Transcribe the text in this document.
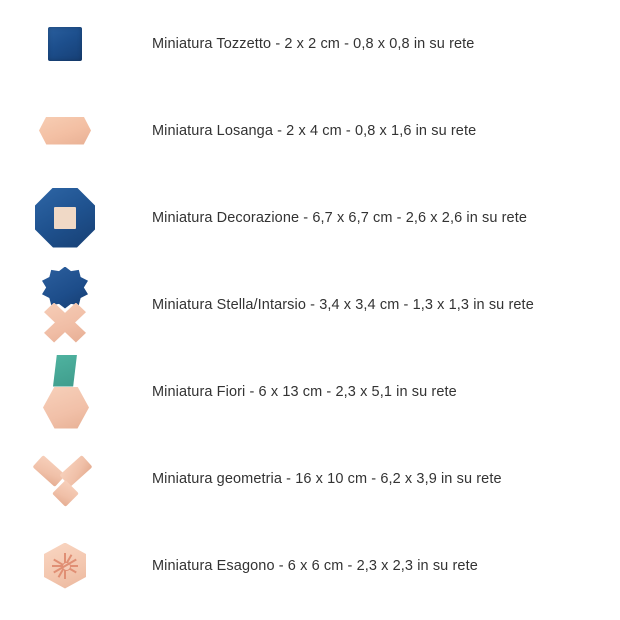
Miniatura Tozzetto - 2 x 2 cm - 0,8 x 0,8 in su rete
Miniatura Losanga - 2 x 4 cm - 0,8 x 1,6 in su rete
Miniatura Decorazione - 6,7 x 6,7 cm - 2,6 x 2,6 in su rete
Miniatura Stella/Intarsio - 3,4 x 3,4 cm - 1,3 x 1,3 in su rete
Miniatura Fiori - 6 x 13 cm - 2,3 x 5,1 in su rete
Miniatura geometria - 16 x 10 cm - 6,2 x 3,9 in su rete
Miniatura Esagono - 6 x 6 cm - 2,3 x 2,3 in su rete
